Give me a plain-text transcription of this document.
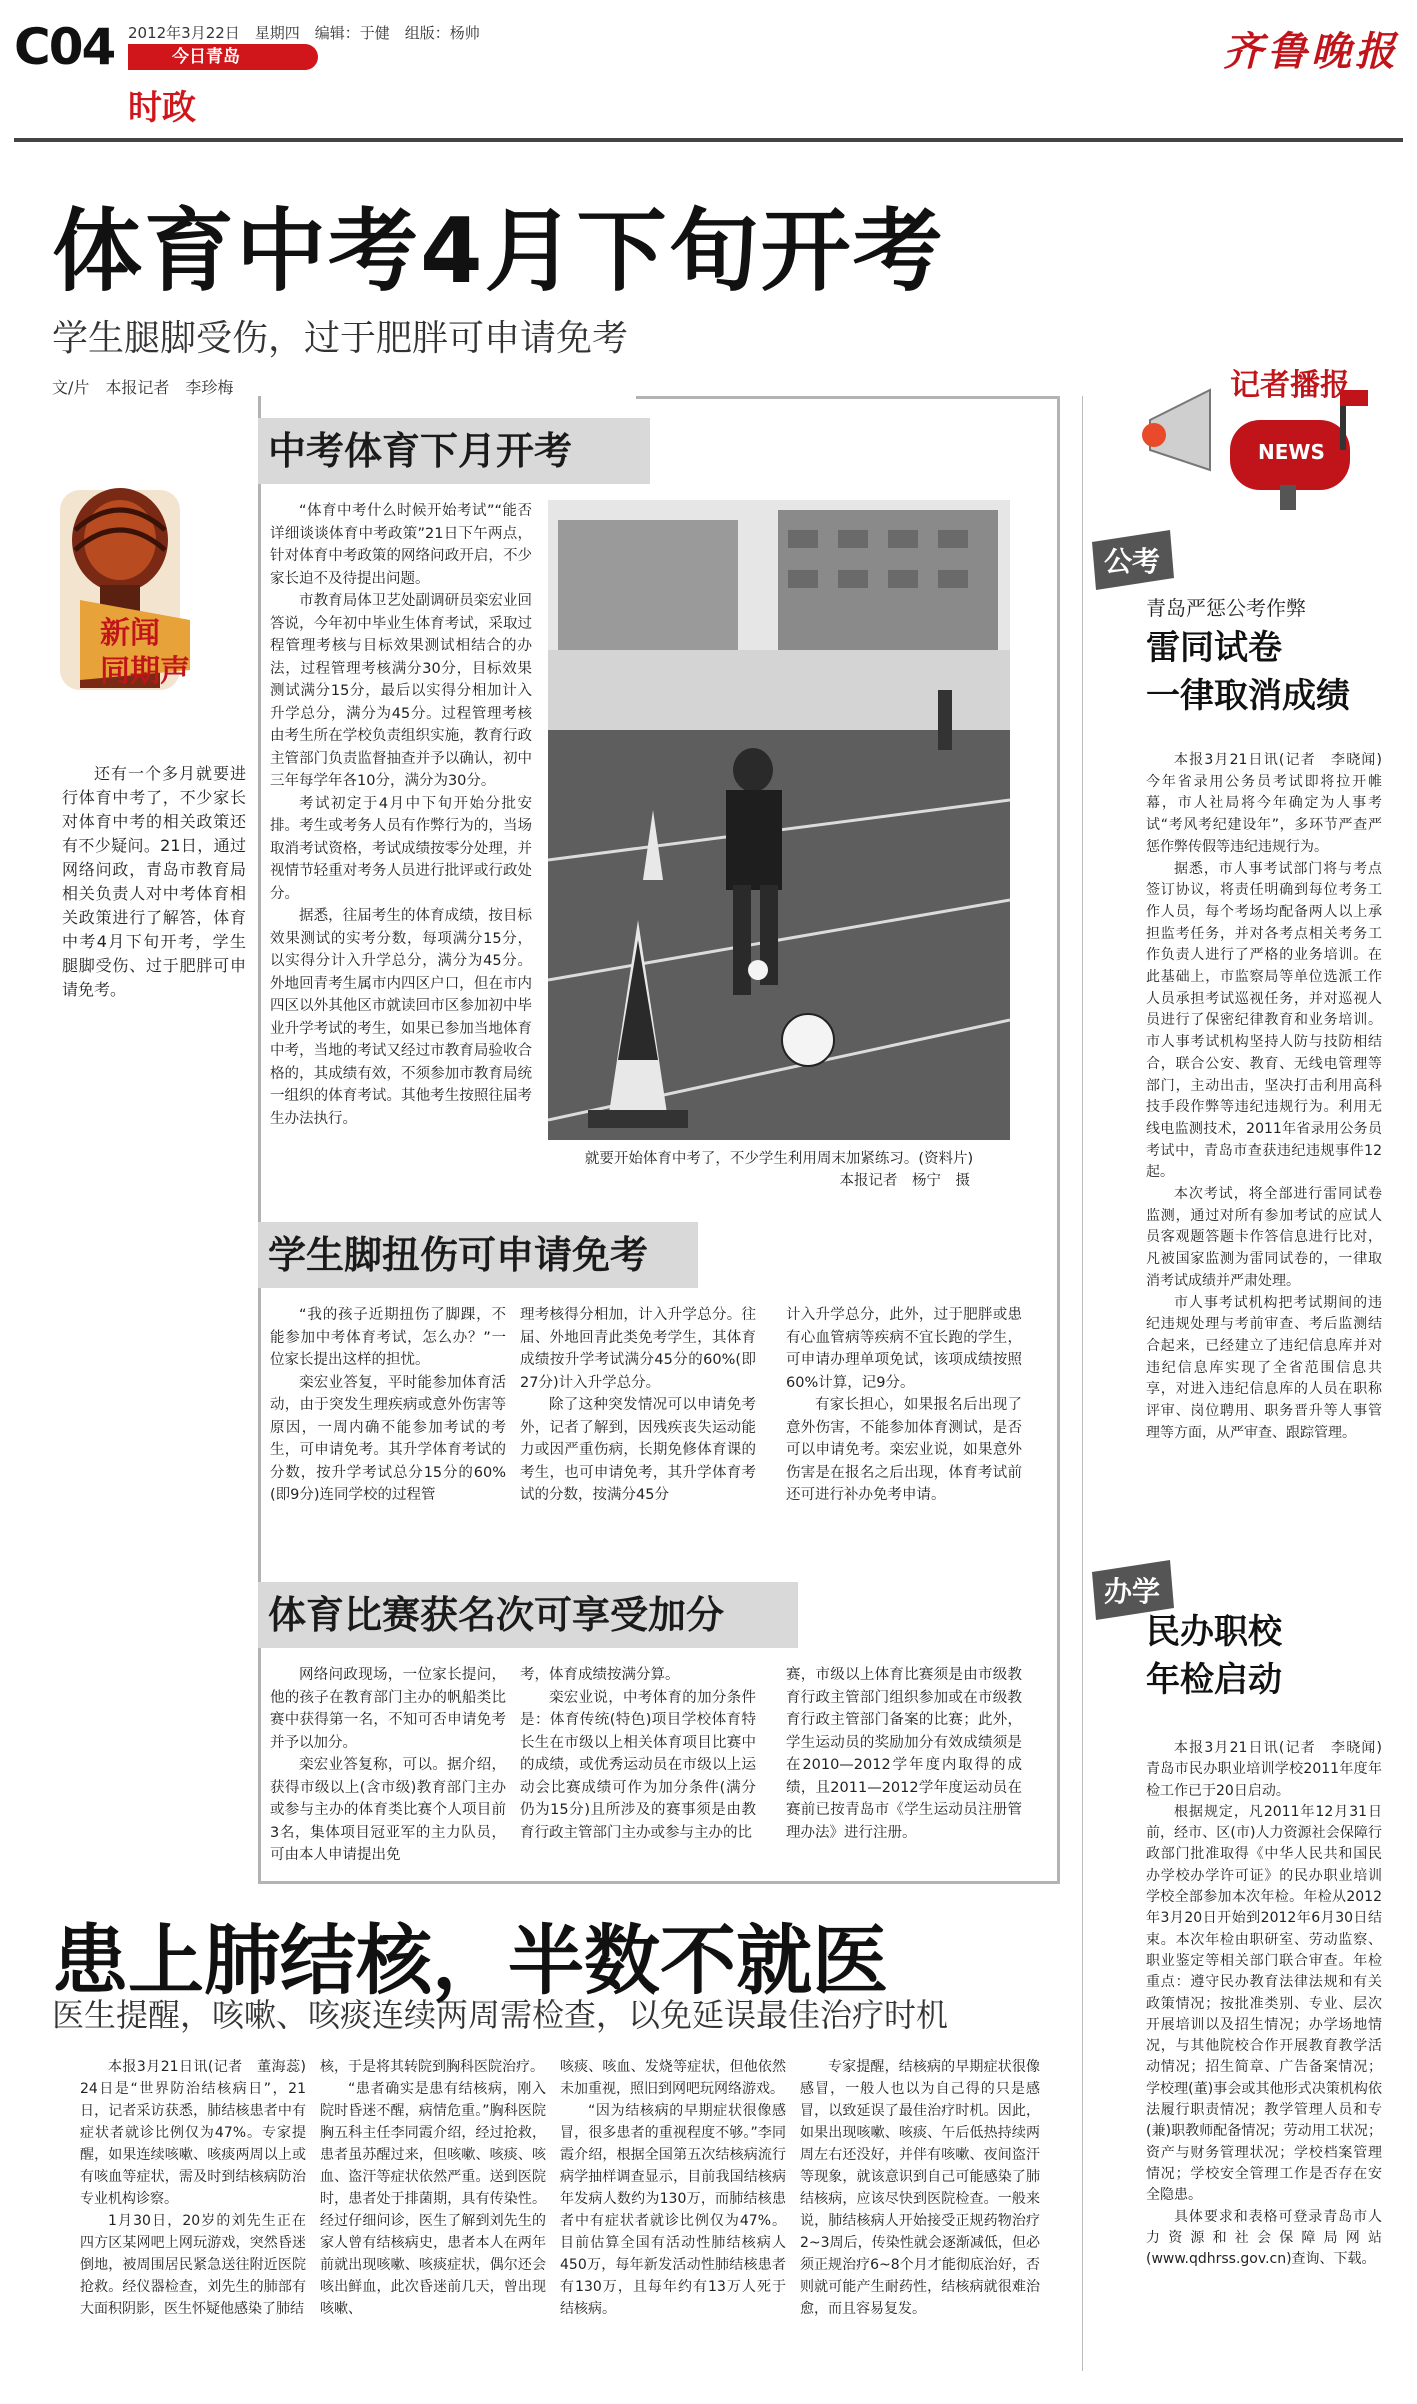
C04 2012年3月22日　星期四　编辑：于健　组版：杨帅
今日青岛
时政
齐鲁晚报
体育中考4月下旬开考
学生腿脚受伤，过于肥胖可申请免考
文/片　本报记者　李珍梅
新闻
同期声
还有一个多月就要进行体育中考了，不少家长对体育中考的相关政策还有不少疑问。21日，通过网络问政，青岛市教育局相关负责人对中考体育相关政策进行了解答，体育中考4月下旬开考，学生腿脚受伤、过于肥胖可申请免考。
中考体育下月开考

“体育中考什么时候开始考试”“能否详细谈谈体育中考政策”21日下午两点，针对体育中考政策的网络问政开启，不少家长迫不及待提出问题。

市教育局体卫艺处副调研员栾宏业回答说，今年初中毕业生体育考试，采取过程管理考核与目标效果测试相结合的办法，过程管理考核满分30分，目标效果测试满分15分，最后以实得分相加计入升学总分，满分为45分。过程管理考核由考生所在学校负责组织实施，教育行政主管部门负责监督抽查并予以确认，初中三年每学年各10分，满分为30分。

考试初定于4月中下旬开始分批安排。考生或考务人员有作弊行为的，当场取消考试资格，考试成绩按零分处理，并视情节轻重对考务人员进行批评或行政处分。

据悉，往届考生的体育成绩，按目标效果测试的实考分数，每项满分15分，以实得分计入升学总分，满分为45分。外地回青考生属市内四区户口，但在市内四区以外其他区市就读回市区参加初中毕业升学考试的考生，如果已参加当地体育中考，当地的考试又经过市教育局验收合格的，其成绩有效，不须参加市教育局统一组织的体育考试。其他考生按照往届考生办法执行。

就要开始体育中考了，不少学生利用周末加紧练习。(资料片)
本报记者　杨宁　摄
学生脚扭伤可申请免考

“我的孩子近期扭伤了脚踝，不能参加中考体育考试，怎么办？”一位家长提出这样的担忧。

栾宏业答复，平时能参加体育活动，由于突发生理疾病或意外伤害等原因，一周内确不能参加考试的考生，可申请免考。其升学体育考试的分数，按升学考试总分15分的60%(即9分)连同学校的过程管

理考核得分相加，计入升学总分。往届、外地回青此类免考学生，其体育成绩按升学考试满分45分的60%(即27分)计入升学总分。

除了这种突发情况可以申请免考外，记者了解到，因残疾丧失运动能力或因严重伤病，长期免修体育课的考生，也可申请免考，其升学体育考试的分数，按满分45分

计入升学总分，此外，过于肥胖或患有心血管病等疾病不宜长跑的学生，可申请办理单项免试，该项成绩按照60%计算，记9分。

有家长担心，如果报名后出现了意外伤害，不能参加体育测试，是否可以申请免考。栾宏业说，如果意外伤害是在报名之后出现，体育考试前还可进行补办免考申请。

体育比赛获名次可享受加分

网络问政现场，一位家长提问，他的孩子在教育部门主办的帆船类比赛中获得第一名，不知可否申请免考并予以加分。

栾宏业答复称，可以。据介绍，获得市级以上(含市级)教育部门主办或参与主办的体育类比赛个人项目前3名，集体项目冠亚军的主力队员，可由本人申请提出免

考，体育成绩按满分算。

栾宏业说，中考体育的加分条件是：体育传统(特色)项目学校体育特长生在市级以上相关体育项目比赛中的成绩，或优秀运动员在市级以上运动会比赛成绩可作为加分条件(满分仍为15分)且所涉及的赛事须是由教育行政主管部门主办或参与主办的比

赛，市级以上体育比赛须是由市级教育行政主管部门组织参加或在市级教育行政主管部门备案的比赛；此外，学生运动员的奖励加分有效成绩须是在2010—2012学年度内取得的成绩，且2011—2012学年度运动员在赛前已按青岛市《学生运动员注册管理办法》进行注册。

记者播报
NEWS
公考
青岛严惩公考作弊
雷同试卷
一律取消成绩

本报3月21日讯(记者　李晓闻)　今年省录用公务员考试即将拉开帷幕，市人社局将今年确定为人事考试“考风考纪建设年”，多环节严查严惩作弊传假等违纪违规行为。

据悉，市人事考试部门将与考点签订协议，将责任明确到每位考务工作人员，每个考场均配备两人以上承担监考任务，并对各考点相关考务工作负责人进行了严格的业务培训。在此基础上，市监察局等单位选派工作人员承担考试巡视任务，并对巡视人员进行了保密纪律教育和业务培训。市人事考试机构坚持人防与技防相结合，联合公安、教育、无线电管理等部门，主动出击，坚决打击利用高科技手段作弊等违纪违规行为。利用无线电监测技术，2011年省录用公务员考试中，青岛市查获违纪违规事件12起。

本次考试，将全部进行雷同试卷监测，通过对所有参加考试的应试人员客观题答题卡作答信息进行比对，凡被国家监测为雷同试卷的，一律取消考试成绩并严肃处理。

市人事考试机构把考试期间的违纪违规处理与考前审查、考后监测结合起来，已经建立了违纪信息库并对违纪信息库实现了全省范围信息共享，对进入违纪信息库的人员在职称评审、岗位聘用、职务晋升等人事管理等方面，从严审查、跟踪管理。

办学
民办职校
年检启动

本报3月21日讯(记者　李晓闻)　青岛市民办职业培训学校2011年度年检工作已于20日启动。

根据规定，凡2011年12月31日前，经市、区(市)人力资源社会保障行政部门批准取得《中华人民共和国民办学校办学许可证》的民办职业培训学校全部参加本次年检。年检从2012年3月20日开始到2012年6月30日结束。本次年检由职研室、劳动监察、职业鉴定等相关部门联合审查。年检重点：遵守民办教育法律法规和有关政策情况；按批准类别、专业、层次开展培训以及招生情况；办学场地情况，与其他院校合作开展教育教学活动情况；招生简章、广告备案情况；学校理(董)事会或其他形式决策机构依法履行职责情况；教学管理人员和专(兼)职教师配备情况；劳动用工状况；资产与财务管理状况；学校档案管理情况；学校安全管理工作是否存在安全隐患。

具体要求和表格可登录青岛市人力资源和社会保障局网站(www.qdhrss.gov.cn)查询、下载。

患上肺结核，半数不就医
医生提醒，咳嗽、咳痰连续两周需检查，以免延误最佳治疗时机

本报3月21日讯(记者　董海蕊)　24日是“世界防治结核病日”，21日，记者采访获悉，肺结核患者中有症状者就诊比例仅为47%。专家提醒，如果连续咳嗽、咳痰两周以上或有咳血等症状，需及时到结核病防治专业机构诊察。

1月30日，20岁的刘先生正在四方区某网吧上网玩游戏，突然昏迷倒地，被周围居民紧急送往附近医院抢救。经仪器检查，刘先生的肺部有大面积阴影，医生怀疑他感染了肺结

核，于是将其转院到胸科医院治疗。

“患者确实是患有结核病，刚入院时昏迷不醒，病情危重。”胸科医院胸五科主任李同霞介绍，经过抢救，患者虽苏醒过来，但咳嗽、咳痰、咳血、盗汗等症状依然严重。送到医院时，患者处于排菌期，具有传染性。经过仔细问诊，医生了解到刘先生的家人曾有结核病史，患者本人在两年前就出现咳嗽、咳痰症状，偶尔还会咳出鲜血，此次昏迷前几天，曾出现咳嗽、

咳痰、咳血、发烧等症状，但他依然未加重视，照旧到网吧玩网络游戏。

“因为结核病的早期症状很像感冒，很多患者的重视程度不够。”李同霞介绍，根据全国第五次结核病流行病学抽样调查显示，目前我国结核病年发病人数约为130万，而肺结核患者中有症状者就诊比例仅为47%。目前估算全国有活动性肺结核病人450万，每年新发活动性肺结核患者有130万，且每年约有13万人死于结核病。

专家提醒，结核病的早期症状很像感冒，一般人也以为自己得的只是感冒，以致延误了最佳治疗时机。因此，如果出现咳嗽、咳痰、午后低热持续两周左右还没好，并伴有咳嗽、夜间盗汗等现象，就该意识到自己可能感染了肺结核病，应该尽快到医院检查。一般来说，肺结核病人开始接受正规药物治疗2~3周后，传染性就会逐渐减低，但必须正规治疗6~8个月才能彻底治好，否则就可能产生耐药性，结核病就很难治愈，而且容易复发。
